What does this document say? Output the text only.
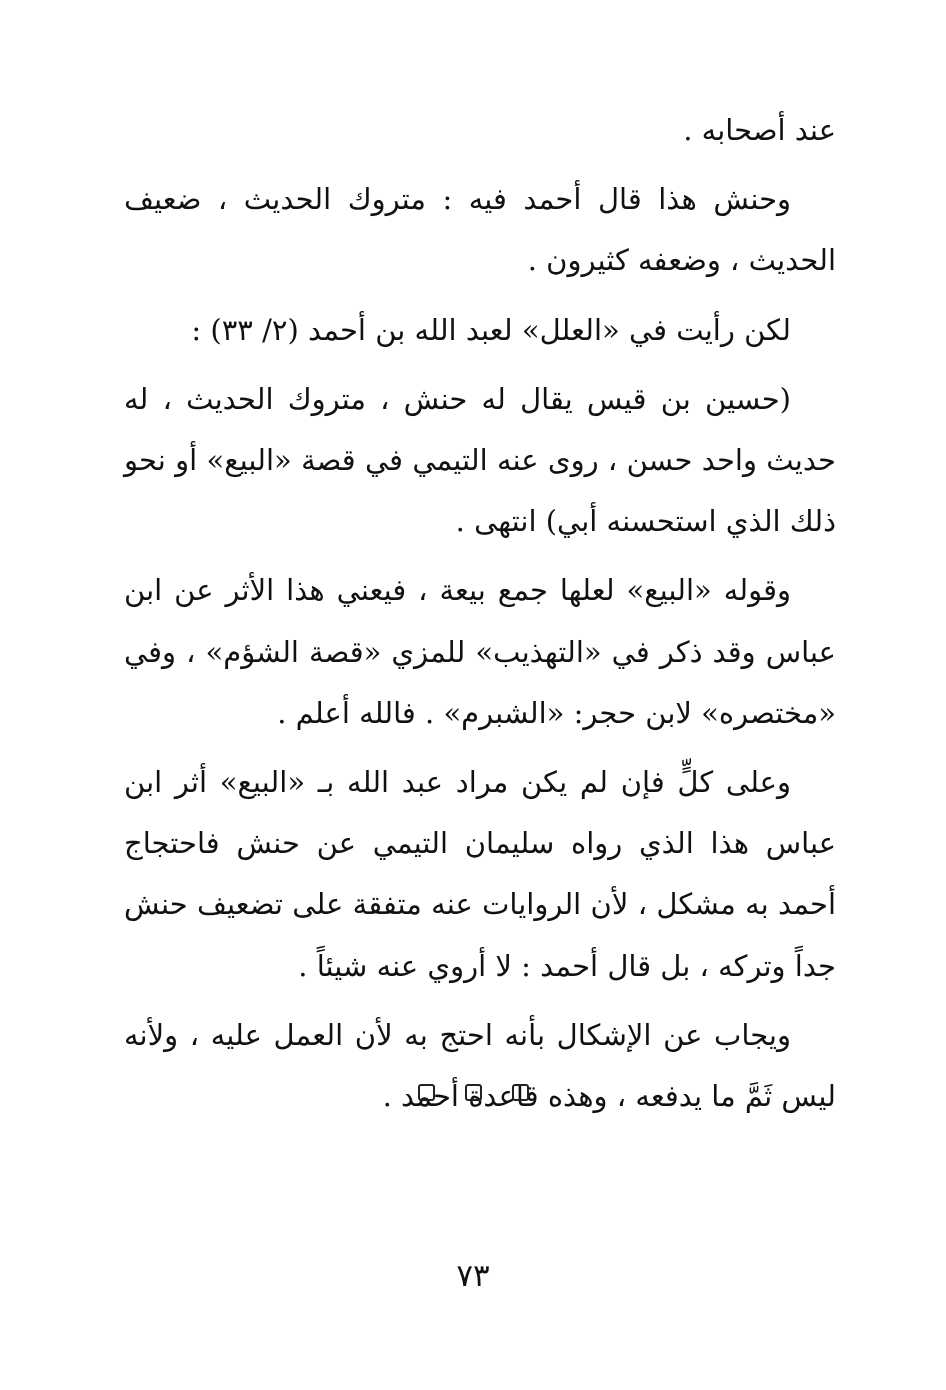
عند أصحابه .

وحنش هذا قال أحمد فيه : متروك الحديث ، ضعيف الحديث ، وضعفه كثيرون .

لكن رأيت في «العلل» لعبد الله بن أحمد (٢/ ٣٣) :

(حسين بن قيس يقال له حنش ، متروك الحديث ، له حديث واحد حسن ، روى عنه التيمي في قصة «البيع» أو نحو ذلك الذي استحسنه أبي) انتهى .

وقوله «البيع» لعلها جمع بيعة ، فيعني هذا الأثر عن ابن عباس وقد ذكر في «التهذيب» للمزي «قصة الشؤم» ، وفي «مختصره» لابن حجر: «الشبرم» . فالله أعلم .

وعلى كلٍّ فإن لم يكن مراد عبد الله بـ «البيع» أثر ابن عباس هذا الذي رواه سليمان التيمي عن حنش فاحتجاج أحمد به مشكل ، لأن الروايات عنه متفقة على تضعيف حنش جداً وتركه ، بل قال أحمد : لا أروي عنه شيئاً .

ويجاب عن الإشكال بأنه احتج به لأن العمل عليه ، ولأنه ليس ثَمَّ ما يدفعه ، وهذه قاعدة أحمد .

٧٣
